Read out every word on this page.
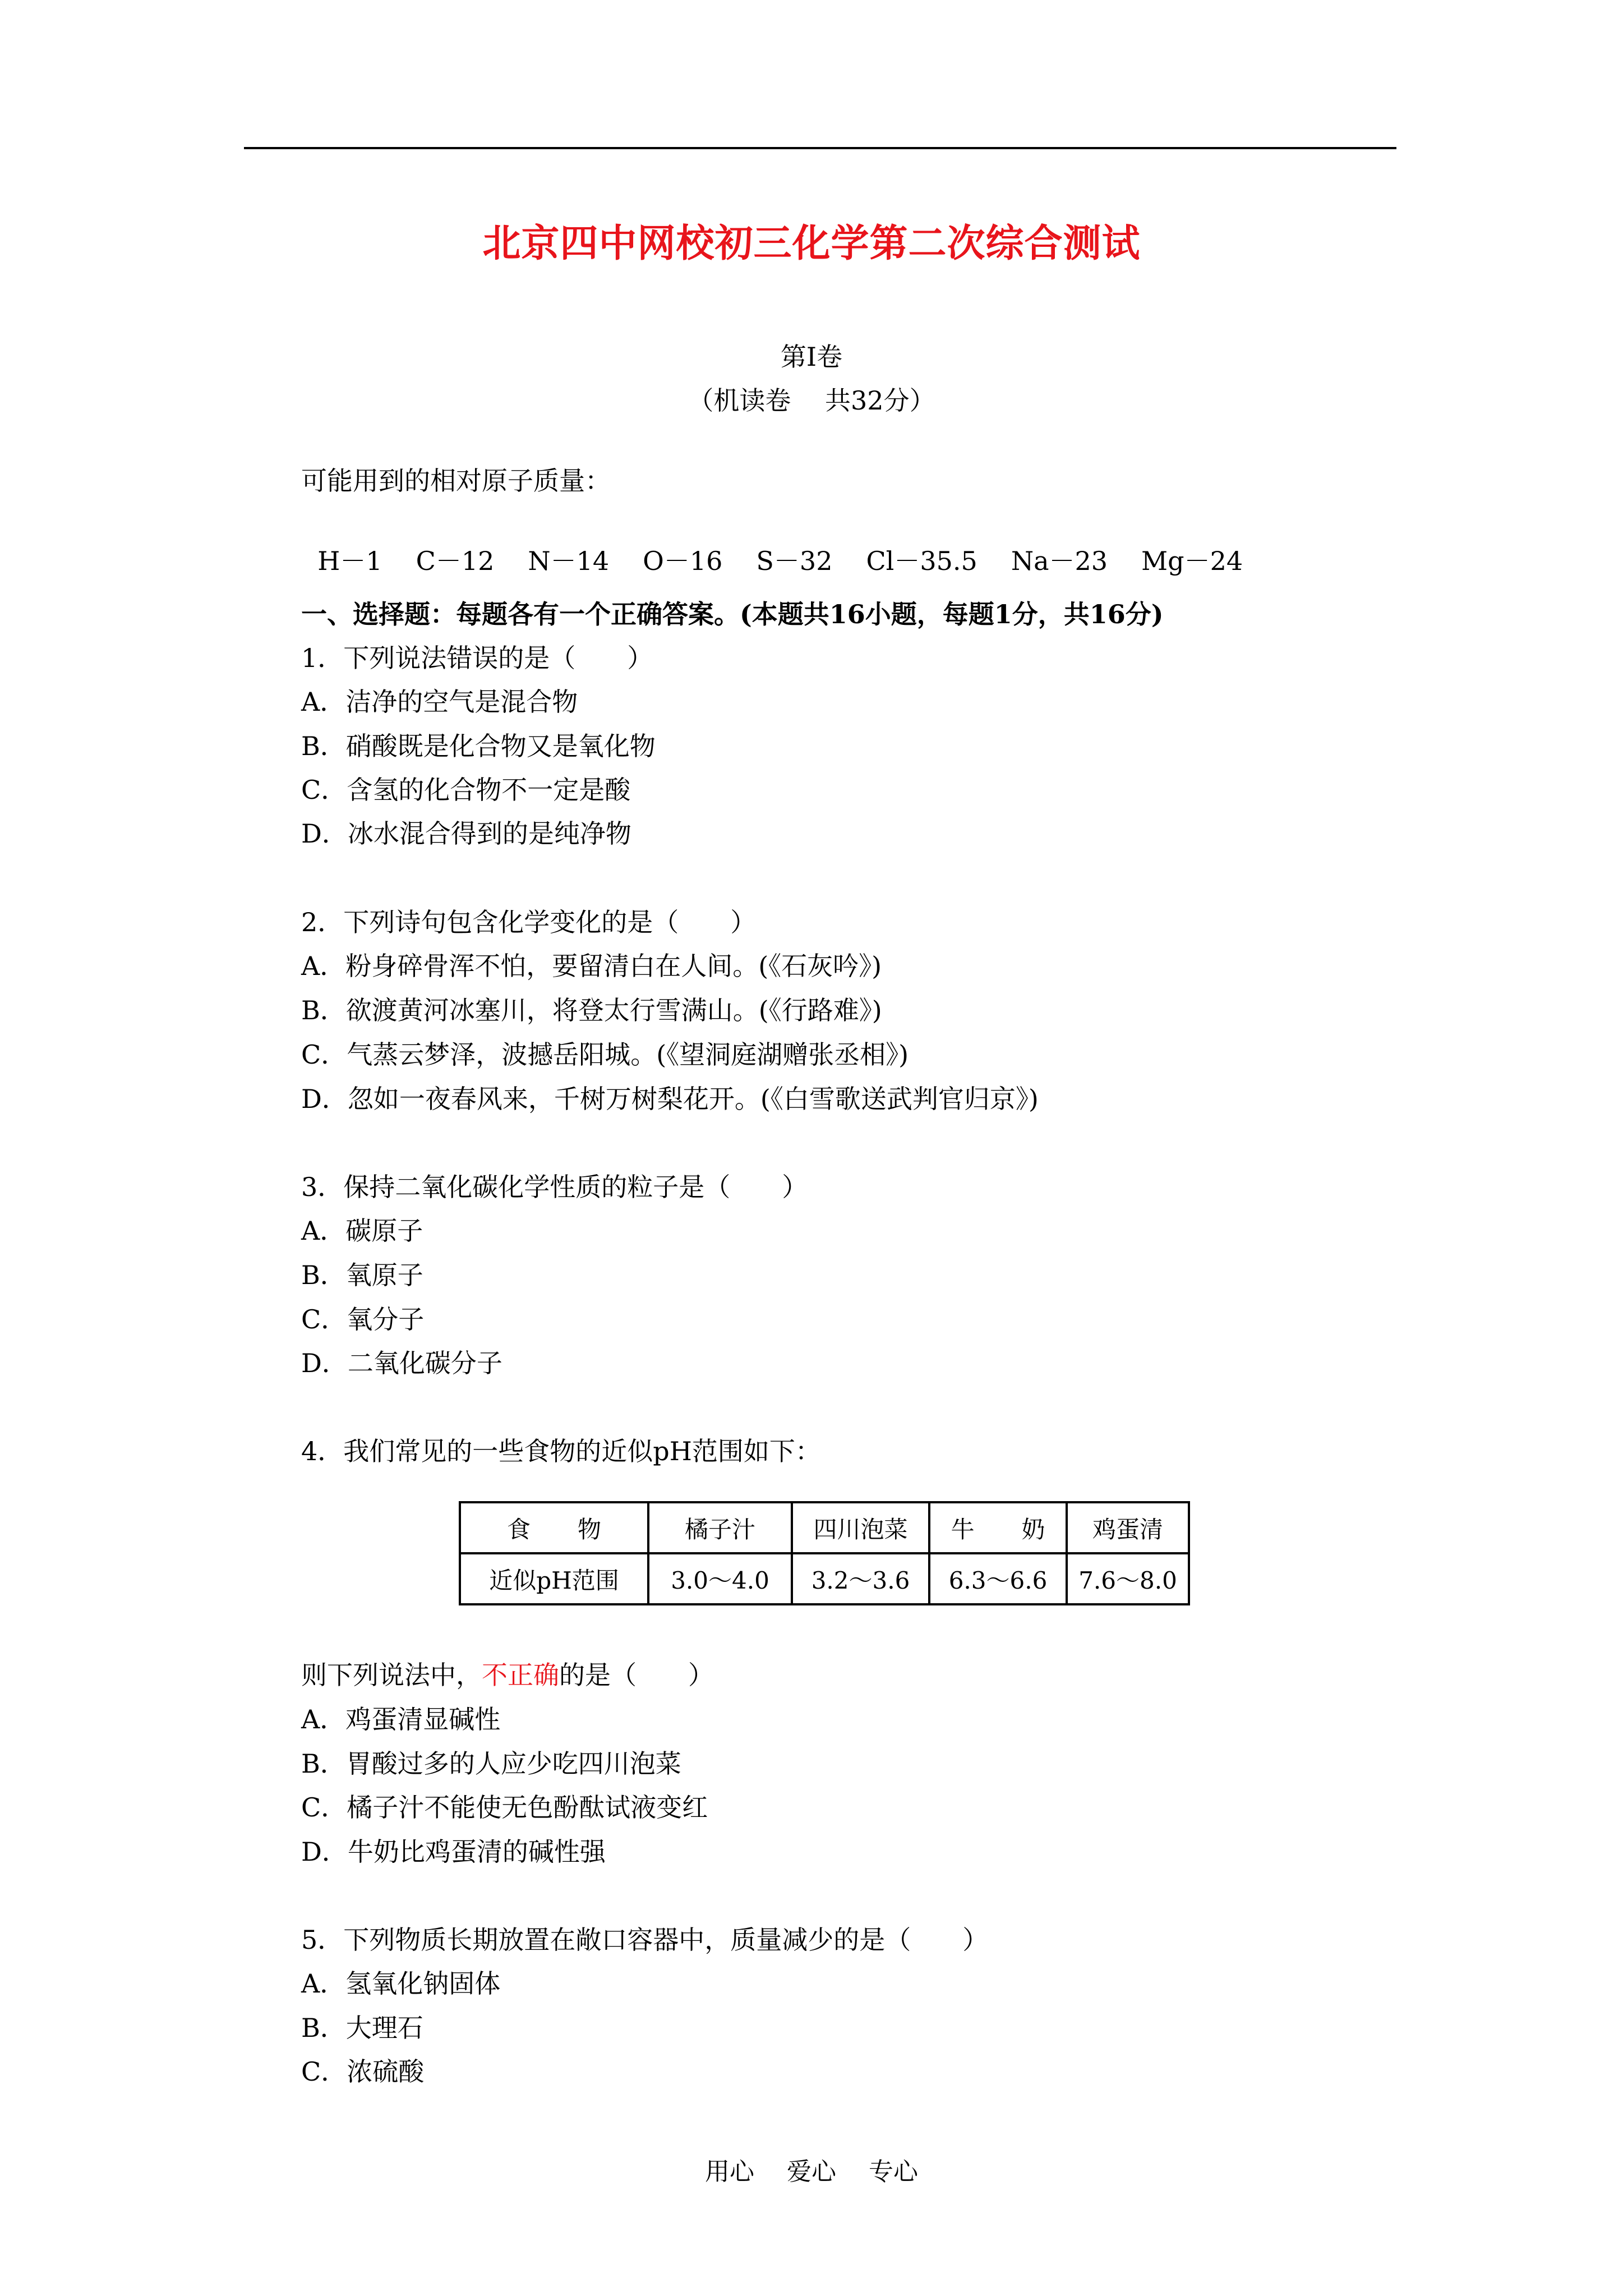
北京四中网校初三化学第二次综合测试
第Ⅰ卷
（机读卷　 共32分）
可能用到的相对原子质量：

H－1 C－12 N－14 O－16 S－32 Cl－35.5 Na－23 Mg－24

一、选择题：每题各有一个正确答案。(本题共16小题，每题1分，共16分)
1．下列说法错误的是（　　）
A．洁净的空气是混合物
B．硝酸既是化合物又是氧化物
C．含氢的化合物不一定是酸
D．冰水混合得到的是纯净物
2．下列诗句包含化学变化的是（　　）
A．粉身碎骨浑不怕，要留清白在人间。(《石灰吟》)
B．欲渡黄河冰塞川，将登太行雪满山。(《行路难》)
C．气蒸云梦泽，波撼岳阳城。(《望洞庭湖赠张丞相》)
D．忽如一夜春风来，千树万树梨花开。(《白雪歌送武判官归京》)
3．保持二氧化碳化学性质的粒子是（　　）
A．碳原子
B．氧原子
C．氧分子
D．二氧化碳分子
4．我们常见的一些食物的近似pH范围如下：
食　　物	橘子汁	四川泡菜	牛　　奶	鸡蛋清
近似pH范围	3.0～4.0	3.2～3.6	6.3～6.6	7.6～8.0
则下列说法中，不正确的是（　　）
A．鸡蛋清显碱性
B．胃酸过多的人应少吃四川泡菜
C．橘子汁不能使无色酚酞试液变红
D．牛奶比鸡蛋清的碱性强
5．下列物质长期放置在敞口容器中，质量减少的是（　　）
A．氢氧化钠固体
B．大理石
C．浓硫酸
用心　 爱心　 专心
